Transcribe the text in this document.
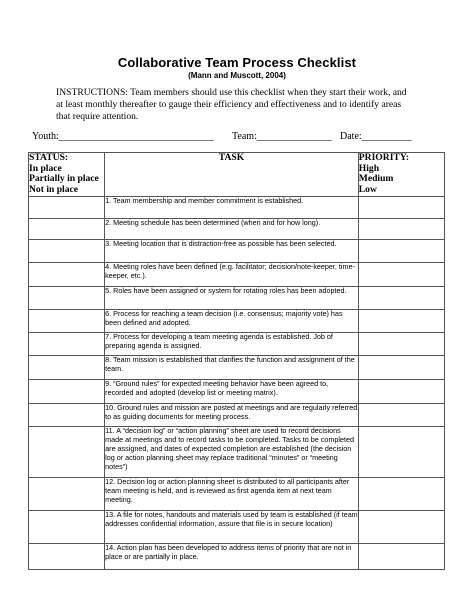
Collaborative Team Process Checklist
(Mann and Muscott, 2004)
INSTRUCTIONS: Team members should use this checklist when they start their work, and at least monthly thereafter to gauge their efficiency and effectiveness and to identify areas that require attention.
Youth:_______________________________ Team:_______________ Date:__________
STATUS:
In place
Partially in place
Not in place	TASK	PRIORITY:
High
Medium
Low

	1. Team membership and member commitment is established.	

	2. Meeting schedule has been determined (when and for how long).	

	3. Meeting location that is distraction-free as possible has been selected.	

	4. Meeting roles have been defined (e.g. facilitator; decision/note-keeper, time-keeper, etc.).	

	5. Roles have been assigned or system for rotating roles has been adopted.	

	6. Process for reaching a team decision (i.e. consensus; majority vote) has been defined and adopted.	

	7. Process for developing a team meeting agenda is established. Job of preparing agenda is assigned.	

	8. Team mission is established that clarifies the function and assignment of the team.	

	9. “Ground rules” for expected meeting behavior have been agreed to, recorded and adopted (develop list or meeting matrix).	

	10. Ground rules and mission are posted at meetings and are regularly referred to as guiding documents for meeting process.	

	11. A “decision log” or “action planning” sheet are used to record decisions made at meetings and to record tasks to be completed. Tasks to be completed are assigned, and dates of expected completion are established (the decision log or action planning sheet may replace traditional “minutes” or “meeting notes”)	

	12. Decision log or action planning sheet is distributed to all participants after team meeting is held, and is reviewed as first agenda item at next team meeting.	

	13. A file for notes, handouts and materials used by team is established (if team addresses confidential information, assure that file is in secure location)	

	14. Action plan has been developed to address items of priority that are not in place or are partially in place.	
